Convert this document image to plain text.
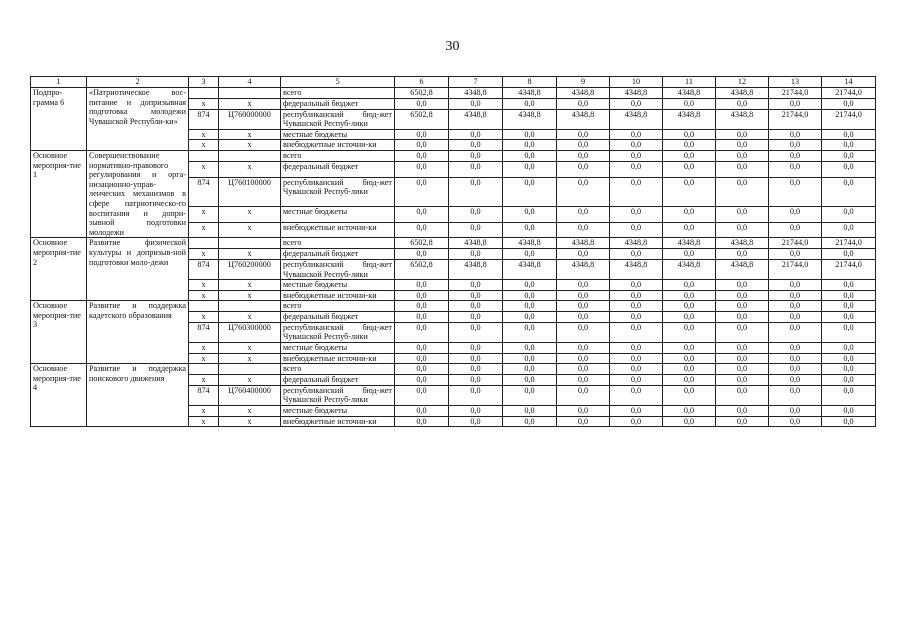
30
1	2	3	4	5	6	7	8	9	10	11	12	13	14
Подпро-грамма 6	«Патриотическое вос-питание и допризывная подготовка молодежи Чувашской Республи-ки»			всего	6502,8	4348,8	4348,8	4348,8	4348,8	4348,8	4348,8	21744,0	21744,0
		x	x	федеральный бюджет	0,0	0,0	0,0	0,0	0,0	0,0	0,0	0,0	0,0
		874	Ц760000000	республиканский бюд-жет Чувашской Респуб-лики	6502,8	4348,8	4348,8	4348,8	4348,8	4348,8	4348,8	21744,0	21744,0
		x	x	местные бюджеты	0,0	0,0	0,0	0,0	0,0	0,0	0,0	0,0	0,0
		x	x	внебюджетные источни-ки	0,0	0,0	0,0	0,0	0,0	0,0	0,0	0,0	0,0
Основное мероприя-тие 1	Совершенствование нормативно-правового регулирования и орга-низационно-управ-ленческих механизмов в сфере патриотическо-го воспитания и допри-зывной подготовки молодежи			всего	0,0	0,0	0,0	0,0	0,0	0,0	0,0	0,0	0,0
		x	x	федеральный бюджет	0,0	0,0	0,0	0,0	0,0	0,0	0,0	0,0	0,0
		874	Ц760100000	республиканский бюд-жет Чувашской Респуб-лики	0,0	0,0	0,0	0,0	0,0	0,0	0,0	0,0	0,0
		x	x	местные бюджеты	0,0	0,0	0,0	0,0	0,0	0,0	0,0	0,0	0,0
		x	x	внебюджетные источни-ки	0,0	0,0	0,0	0,0	0,0	0,0	0,0	0,0	0,0
Основное мероприя-тие 2	Развитие физической культуры и допризыв-ной подготовки моло-дежи			всего	6502,8	4348,8	4348,8	4348,8	4348,8	4348,8	4348,8	21744,0	21744,0
		x	x	федеральный бюджет	0,0	0,0	0,0	0,0	0,0	0,0	0,0	0,0	0,0
		874	Ц760200000	республиканский бюд-жет Чувашской Респуб-лики	6502,8	4348,8	4348,8	4348,8	4348,8	4348,8	4348,8	21744,0	21744,0
		x	x	местные бюджеты	0,0	0,0	0,0	0,0	0,0	0,0	0,0	0,0	0,0
		x	x	внебюджетные источни-ки	0,0	0,0	0,0	0,0	0,0	0,0	0,0	0,0	0,0
Основное мероприя-тие 3	Развитие и поддержка кадетского образования			всего	0,0	0,0	0,0	0,0	0,0	0,0	0,0	0,0	0,0
		x	x	федеральный бюджет	0,0	0,0	0,0	0,0	0,0	0,0	0,0	0,0	0,0
		874	Ц760300000	республиканский бюд-жет Чувашской Респуб-лики	0,0	0,0	0,0	0,0	0,0	0,0	0,0	0,0	0,0
		x	x	местные бюджеты	0,0	0,0	0,0	0,0	0,0	0,0	0,0	0,0	0,0
		x	x	внебюджетные источни-ки	0,0	0,0	0,0	0,0	0,0	0,0	0,0	0,0	0,0
Основное мероприя-тие 4	Развитие и поддержка поискового движения			всего	0,0	0,0	0,0	0,0	0,0	0,0	0,0	0,0	0,0
		x	x	федеральный бюджет	0,0	0,0	0,0	0,0	0,0	0,0	0,0	0,0	0,0
		874	Ц760400000	республиканский бюд-жет Чувашской Респуб-лики	0,0	0,0	0,0	0,0	0,0	0,0	0,0	0,0	0,0
		x	x	местные бюджеты	0,0	0,0	0,0	0,0	0,0	0,0	0,0	0,0	0,0
		x	x	внебюджетные источни-ки	0,0	0,0	0,0	0,0	0,0	0,0	0,0	0,0	0,0
